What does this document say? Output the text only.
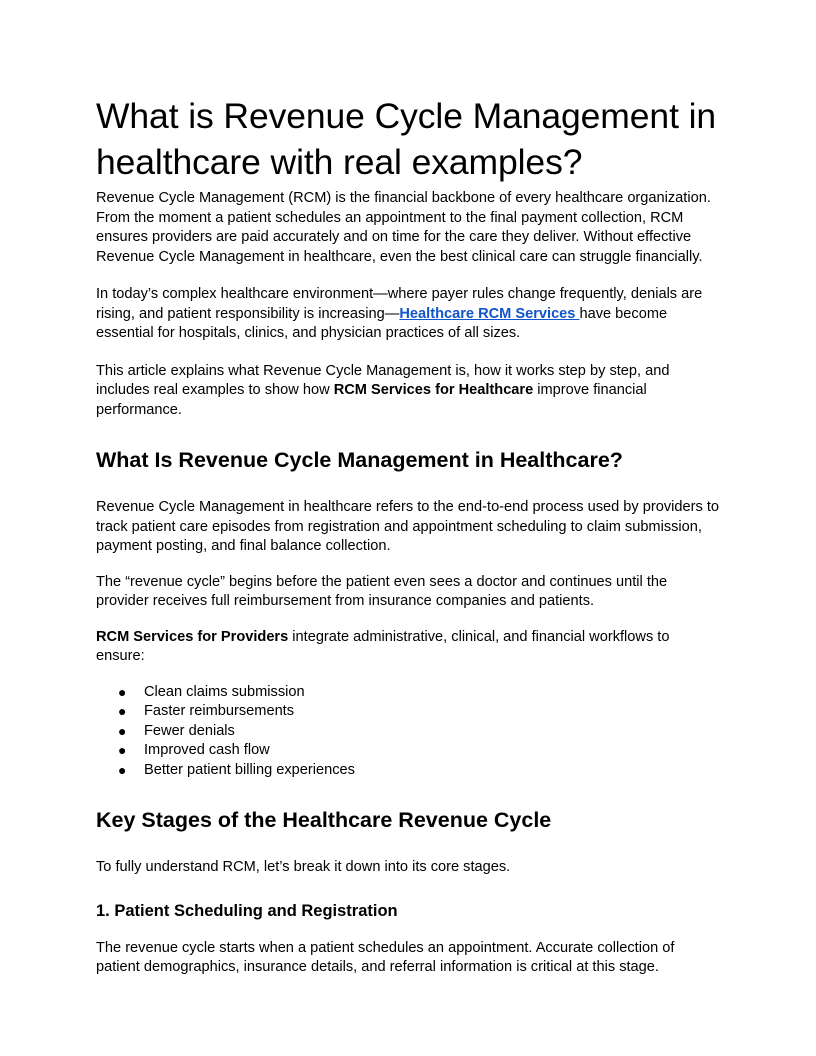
What is Revenue Cycle Management in healthcare with real examples?

Revenue Cycle Management (RCM) is the financial backbone of every healthcare organization. From the moment a patient schedules an appointment to the final payment collection, RCM ensures providers are paid accurately and on time for the care they deliver. Without effective Revenue Cycle Management in healthcare, even the best clinical care can struggle financially.

In today’s complex healthcare environment—where payer rules change frequently, denials are rising, and patient responsibility is increasing—Healthcare RCM Services have become essential for hospitals, clinics, and physician practices of all sizes.

This article explains what Revenue Cycle Management is, how it works step by step, and includes real examples to show how RCM Services for Healthcare improve financial performance.

What Is Revenue Cycle Management in Healthcare?

Revenue Cycle Management in healthcare refers to the end-to-end process used by providers to track patient care episodes from registration and appointment scheduling to claim submission, payment posting, and final balance collection.

The “revenue cycle” begins before the patient even sees a doctor and continues until the provider receives full reimbursement from insurance companies and patients.

RCM Services for Providers integrate administrative, clinical, and financial workflows to ensure:

● Clean claims submission
● Faster reimbursements
● Fewer denials
● Improved cash flow
● Better patient billing experiences
Key Stages of the Healthcare Revenue Cycle

To fully understand RCM, let’s break it down into its core stages.

1. Patient Scheduling and Registration

The revenue cycle starts when a patient schedules an appointment. Accurate collection of patient demographics, insurance details, and referral information is critical at this stage.
